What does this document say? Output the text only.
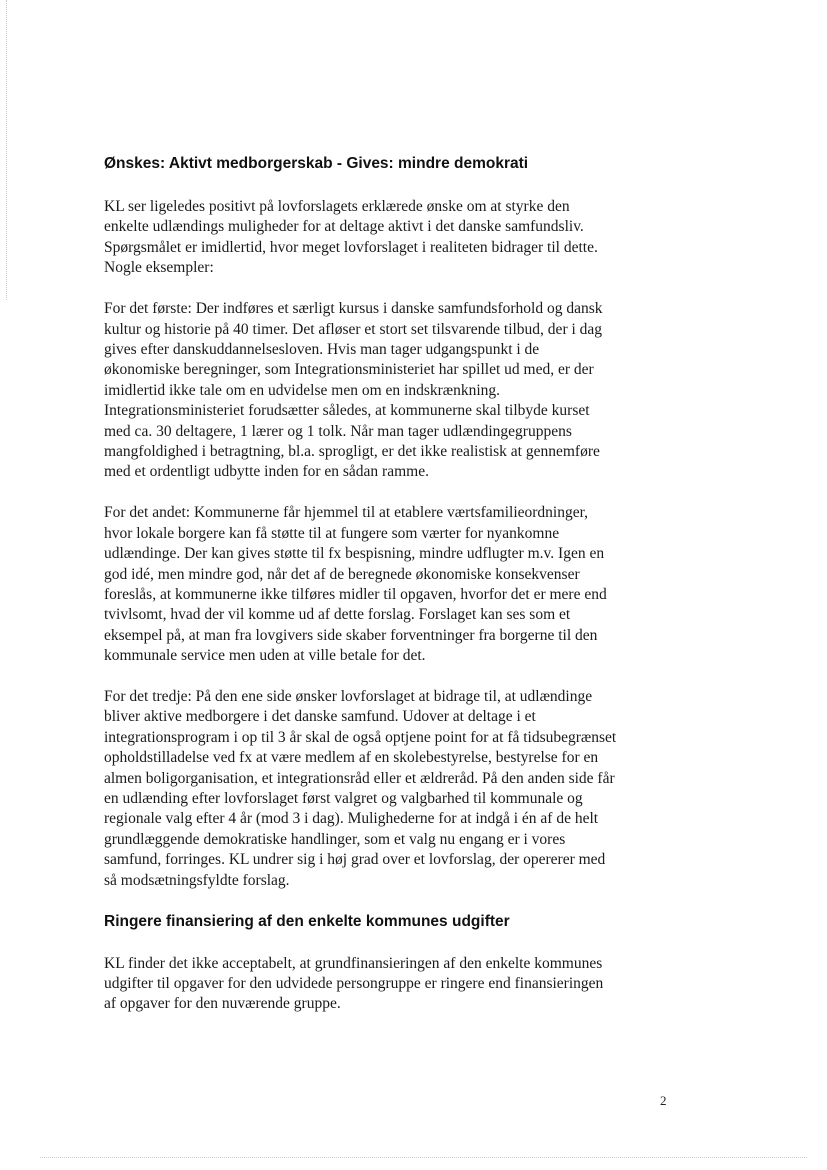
Ønskes: Aktivt medborgerskab - Gives: mindre demokrati

KL ser ligeledes positivt på lovforslagets erklærede ønske om at styrke den enkelte udlændings muligheder for at deltage aktivt i det danske samfundsliv. Spørgsmålet er imidlertid, hvor meget lovforslaget i realiteten bidrager til dette. Nogle eksempler:

For det første: Der indføres et særligt kursus i danske samfundsforhold og dansk kultur og historie på 40 timer. Det afløser et stort set tilsvarende tilbud, der i dag gives efter danskuddannelsesloven. Hvis man tager udgangspunkt i de økonomiske beregninger, som Integrationsministeriet har spillet ud med, er der imidlertid ikke tale om en udvidelse men om en indskrænkning. Integrationsministeriet forudsætter således, at kommunerne skal tilbyde kurset med ca. 30 deltagere, 1 lærer og 1 tolk. Når man tager udlændingegruppens mangfoldighed i betragtning, bl.a. sprogligt, er det ikke realistisk at gennemføre med et ordentligt udbytte inden for en sådan ramme.

For det andet: Kommunerne får hjemmel til at etablere værtsfamilieordninger, hvor lokale borgere kan få støtte til at fungere som værter for nyankomne udlændinge. Der kan gives støtte til fx bespisning, mindre udflugter m.v. Igen en god idé, men mindre god, når det af de beregnede økonomiske konsekvenser foreslås, at kommunerne ikke tilføres midler til opgaven, hvorfor det er mere end tvivlsomt, hvad der vil komme ud af dette forslag. Forslaget kan ses som et eksempel på, at man fra lovgivers side skaber forventninger fra borgerne til den kommunale service men uden at ville betale for det.

For det tredje: På den ene side ønsker lovforslaget at bidrage til, at udlændinge bliver aktive medborgere i det danske samfund. Udover at deltage i et integrationsprogram i op til 3 år skal de også optjene point for at få tidsubegrænset opholdstilladelse ved fx at være medlem af en skolebestyrelse, bestyrelse for en almen boligorganisation, et integrationsråd eller et ældreråd. På den anden side får en udlænding efter lovforslaget først valgret og valgbarhed til kommunale og regionale valg efter 4 år (mod 3 i dag). Mulighederne for at indgå i én af de helt grundlæggende demokratiske handlinger, som et valg nu engang er i vores samfund, forringes. KL undrer sig i høj grad over et lovforslag, der opererer med så modsætningsfyldte forslag.

Ringere finansiering af den enkelte kommunes udgifter

KL finder det ikke acceptabelt, at grundfinansieringen af den enkelte kommunes udgifter til opgaver for den udvidede persongruppe er ringere end finansieringen af opgaver for den nuværende gruppe.

2
